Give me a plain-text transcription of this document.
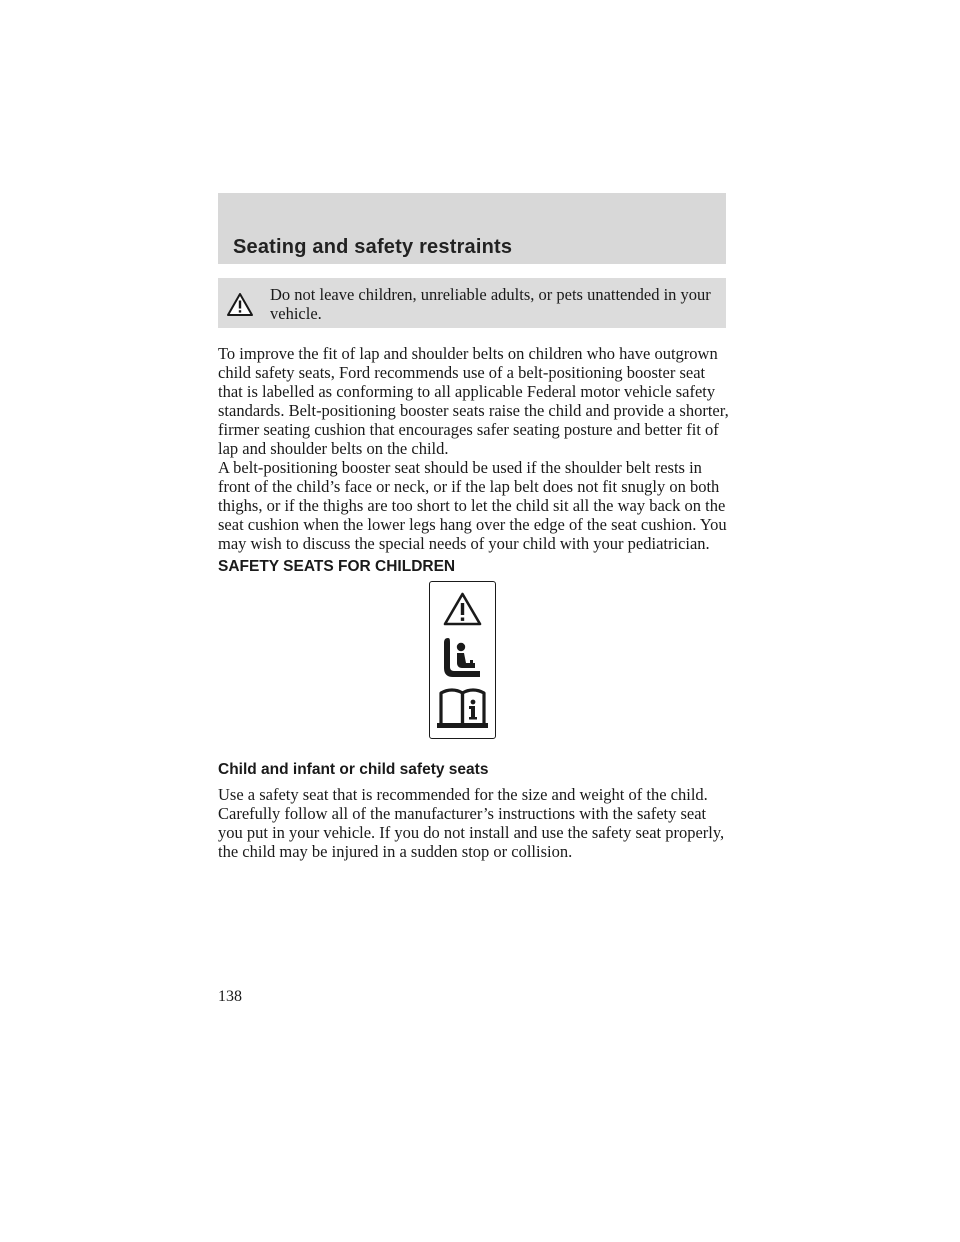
Seating and safety restraints

Do not leave children, unreliable adults, or pets unattended in your vehicle.

To improve the fit of lap and shoulder belts on children who have outgrown child safety seats, Ford recommends use of a belt-positioning booster seat that is labelled as conforming to all applicable Federal motor vehicle safety standards. Belt-positioning booster seats raise the child and provide a shorter, firmer seating cushion that encourages safer seating posture and better fit of lap and shoulder belts on the child.

A belt-positioning booster seat should be used if the shoulder belt rests in front of the child’s face or neck, or if the lap belt does not fit snugly on both thighs, or if the thighs are too short to let the child sit all the way back on the seat cushion when the lower legs hang over the edge of the seat cushion. You may wish to discuss the special needs of your child with your pediatrician.

SAFETY SEATS FOR CHILDREN

Child and infant or child safety seats

Use a safety seat that is recommended for the size and weight of the child. Carefully follow all of the manufacturer’s instructions with the safety seat you put in your vehicle. If you do not install and use the safety seat properly, the child may be injured in a sudden stop or collision.

138
